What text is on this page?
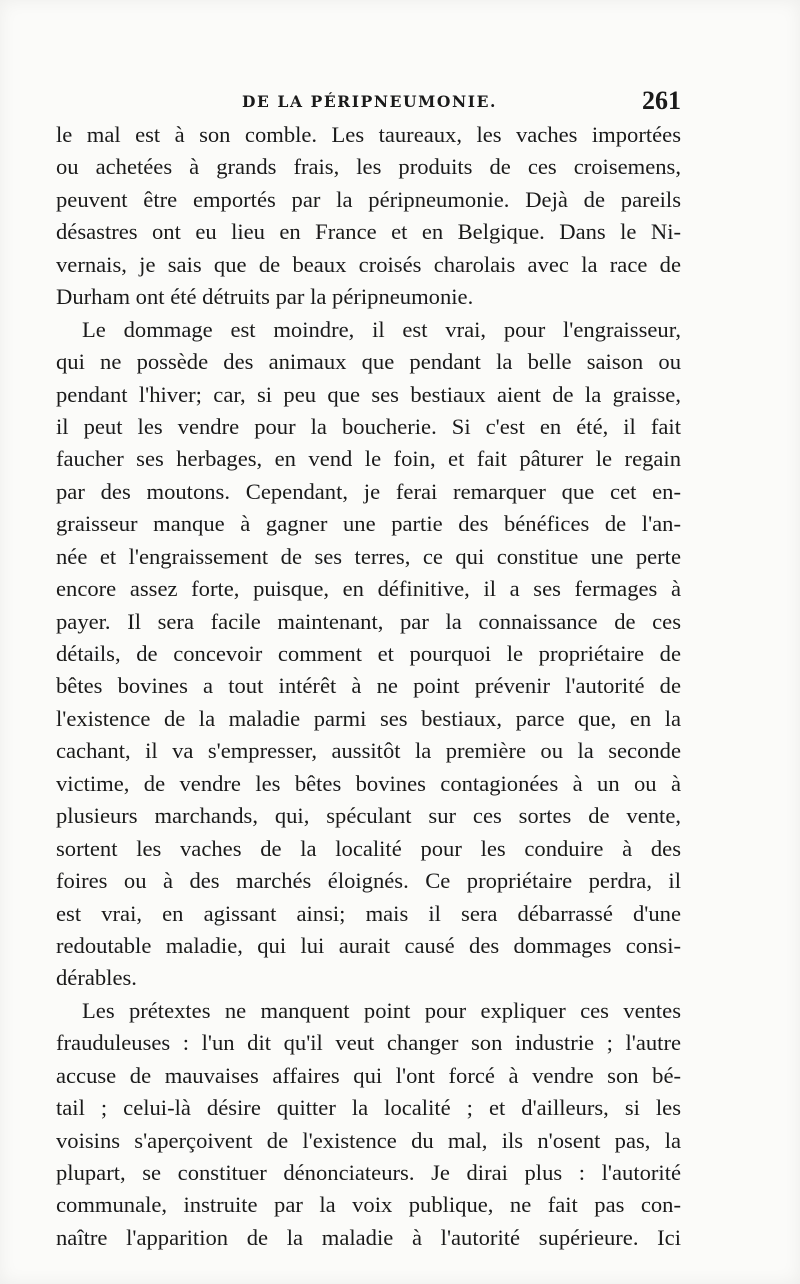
DE LA PÉRIPNEUMONIE.	261
le mal est à son comble. Les taureaux, les vaches importées
ou achetées à grands frais, les produits de ces croisemens,
peuvent être emportés par la péripneumonie. Dejà de pareils
désastres ont eu lieu en France et en Belgique. Dans le Ni-
vernais, je sais que de beaux croisés charolais avec la race de
Durham ont été détruits par la péripneumonie.
Le dommage est moindre, il est vrai, pour l'engraisseur,
qui ne possède des animaux que pendant la belle saison ou
pendant l'hiver; car, si peu que ses bestiaux aient de la graisse,
il peut les vendre pour la boucherie. Si c'est en été, il fait
faucher ses herbages, en vend le foin, et fait pâturer le regain
par des moutons. Cependant, je ferai remarquer que cet en-
graisseur manque à gagner une partie des bénéfices de l'an-
née et l'engraissement de ses terres, ce qui constitue une perte
encore assez forte, puisque, en définitive, il a ses fermages à
payer. Il sera facile maintenant, par la connaissance de ces
détails, de concevoir comment et pourquoi le propriétaire de
bêtes bovines a tout intérêt à ne point prévenir l'autorité de
l'existence de la maladie parmi ses bestiaux, parce que, en la
cachant, il va s'empresser, aussitôt la première ou la seconde
victime, de vendre les bêtes bovines contagionées à un ou à
plusieurs marchands, qui, spéculant sur ces sortes de vente,
sortent les vaches de la localité pour les conduire à des
foires ou à des marchés éloignés. Ce propriétaire perdra, il
est vrai, en agissant ainsi; mais il sera débarrassé d'une
redoutable maladie, qui lui aurait causé des dommages consi-
dérables.
Les prétextes ne manquent point pour expliquer ces ventes
frauduleuses : l'un dit qu'il veut changer son industrie ; l'autre
accuse de mauvaises affaires qui l'ont forcé à vendre son bé-
tail ; celui-là désire quitter la localité ; et d'ailleurs, si les
voisins s'aperçoivent de l'existence du mal, ils n'osent pas, la
plupart, se constituer dénonciateurs. Je dirai plus : l'autorité
communale, instruite par la voix publique, ne fait pas con-
naître l'apparition de la maladie à l'autorité supérieure. Ici
